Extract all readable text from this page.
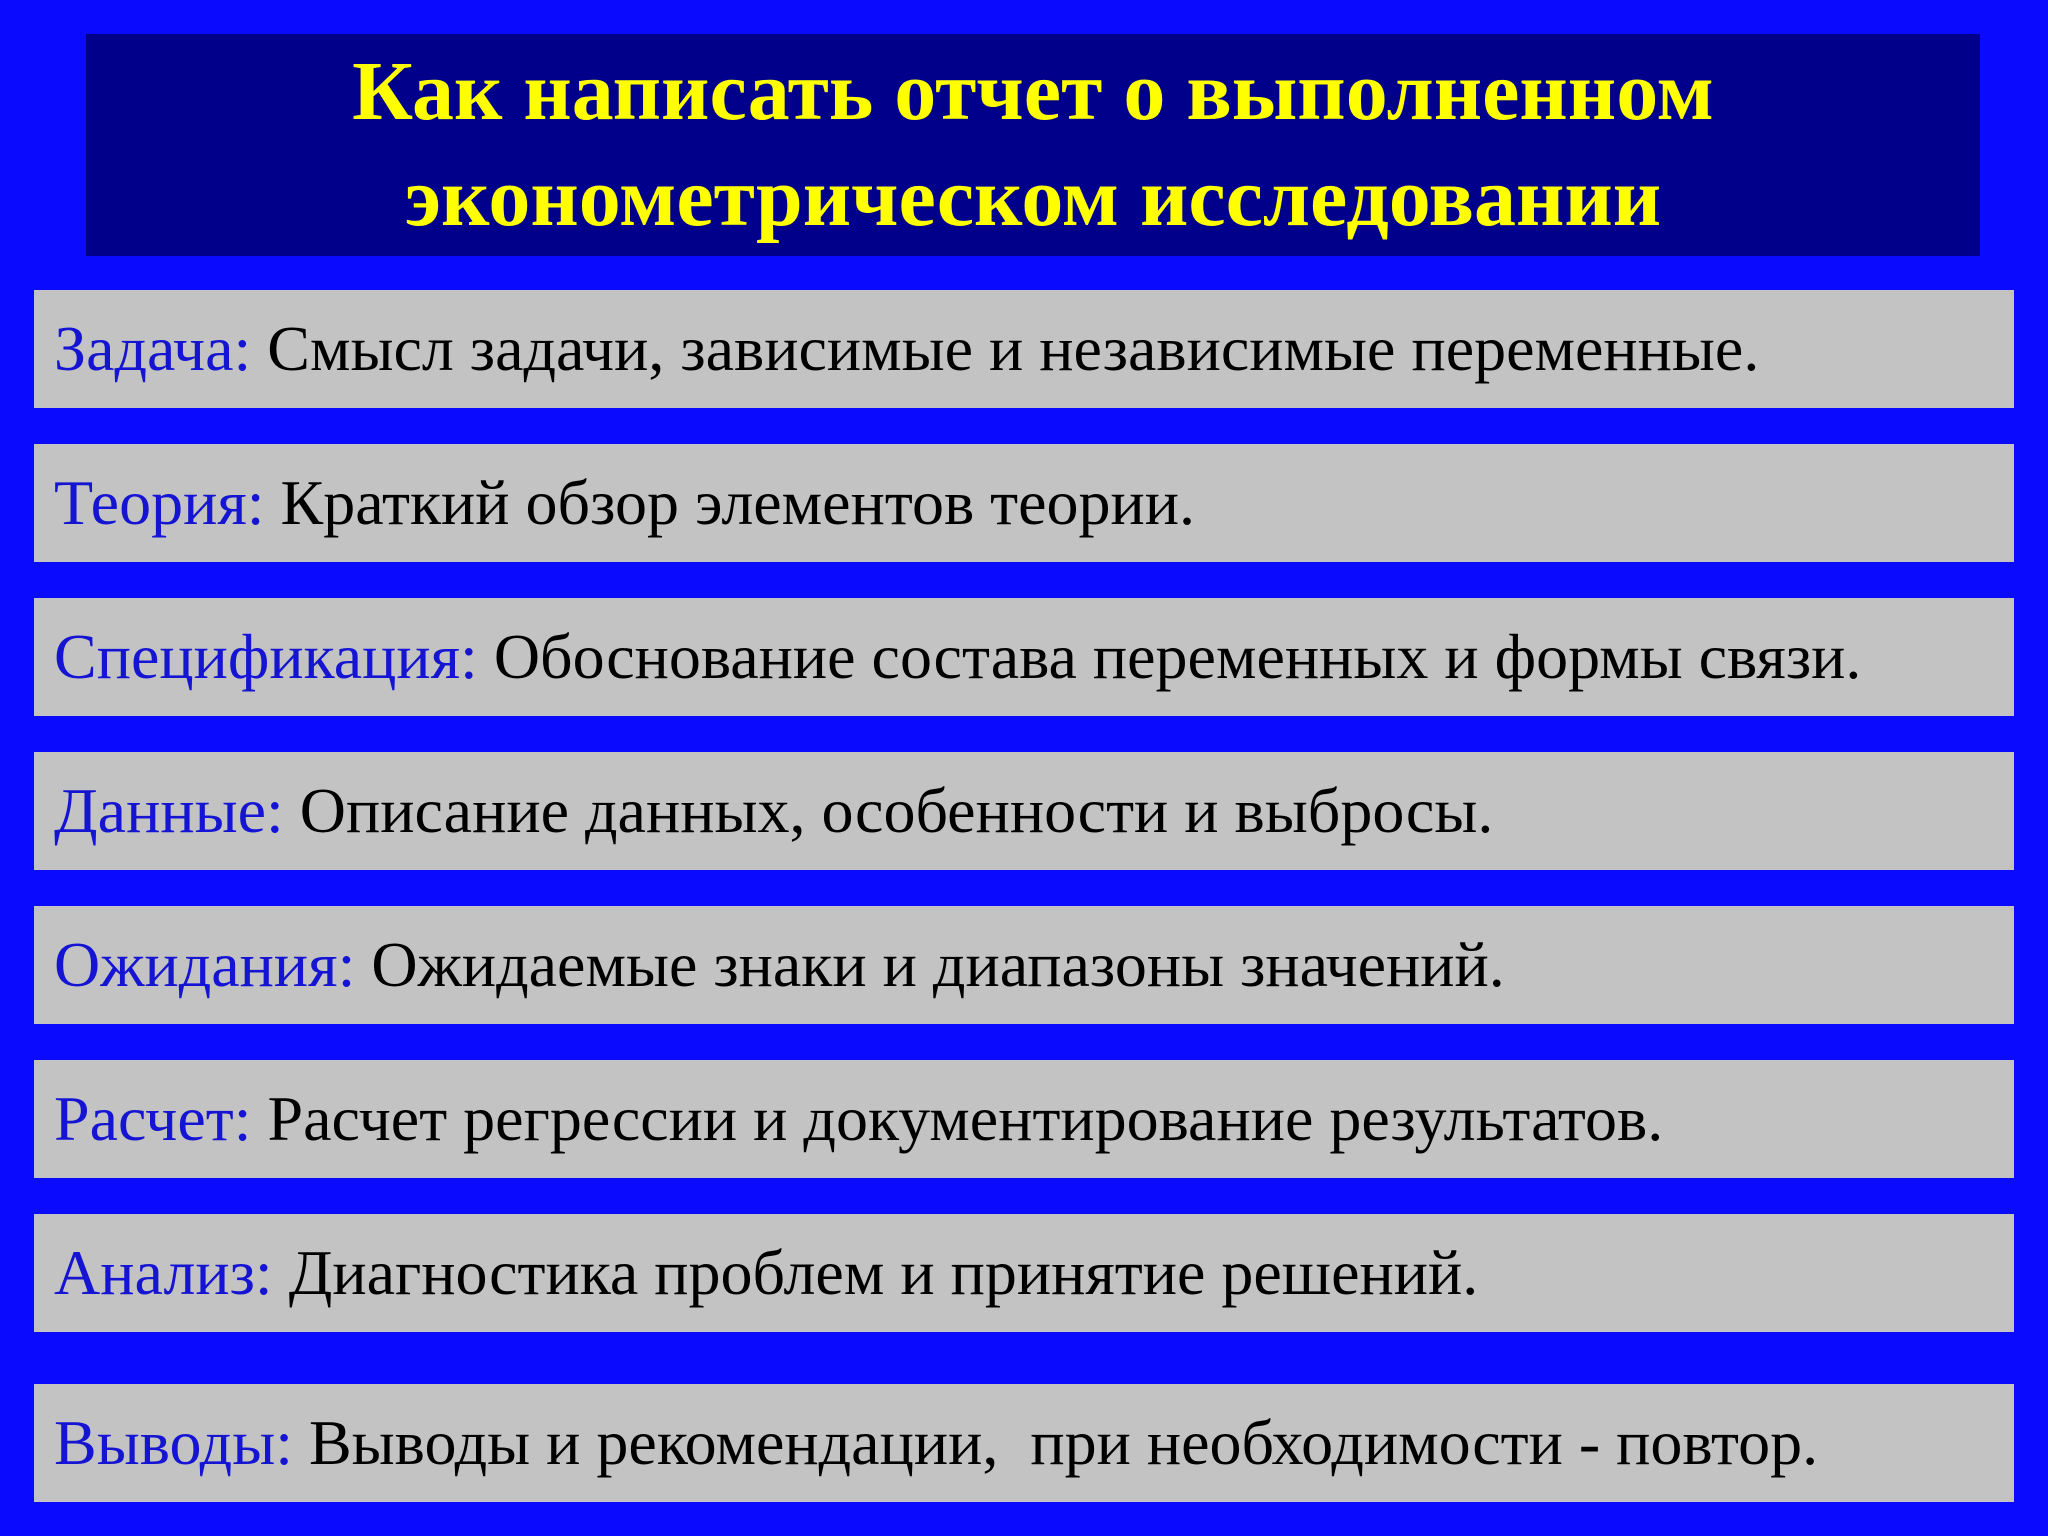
Как написать отчет о выполненном
эконометрическом исследовании
Задача: Смысл задачи, зависимые и независимые переменные.
Теория: Краткий обзор элементов теории.
Спецификация: Обоснование состава переменных и формы связи.
Данные: Описание данных, особенности и выбросы.
Ожидания: Ожидаемые знаки и диапазоны значений.
Расчет: Расчет регрессии и документирование результатов.
Анализ: Диагностика проблем и принятие решений.
Выводы: Выводы и рекомендации,  при необходимости - повтор.
